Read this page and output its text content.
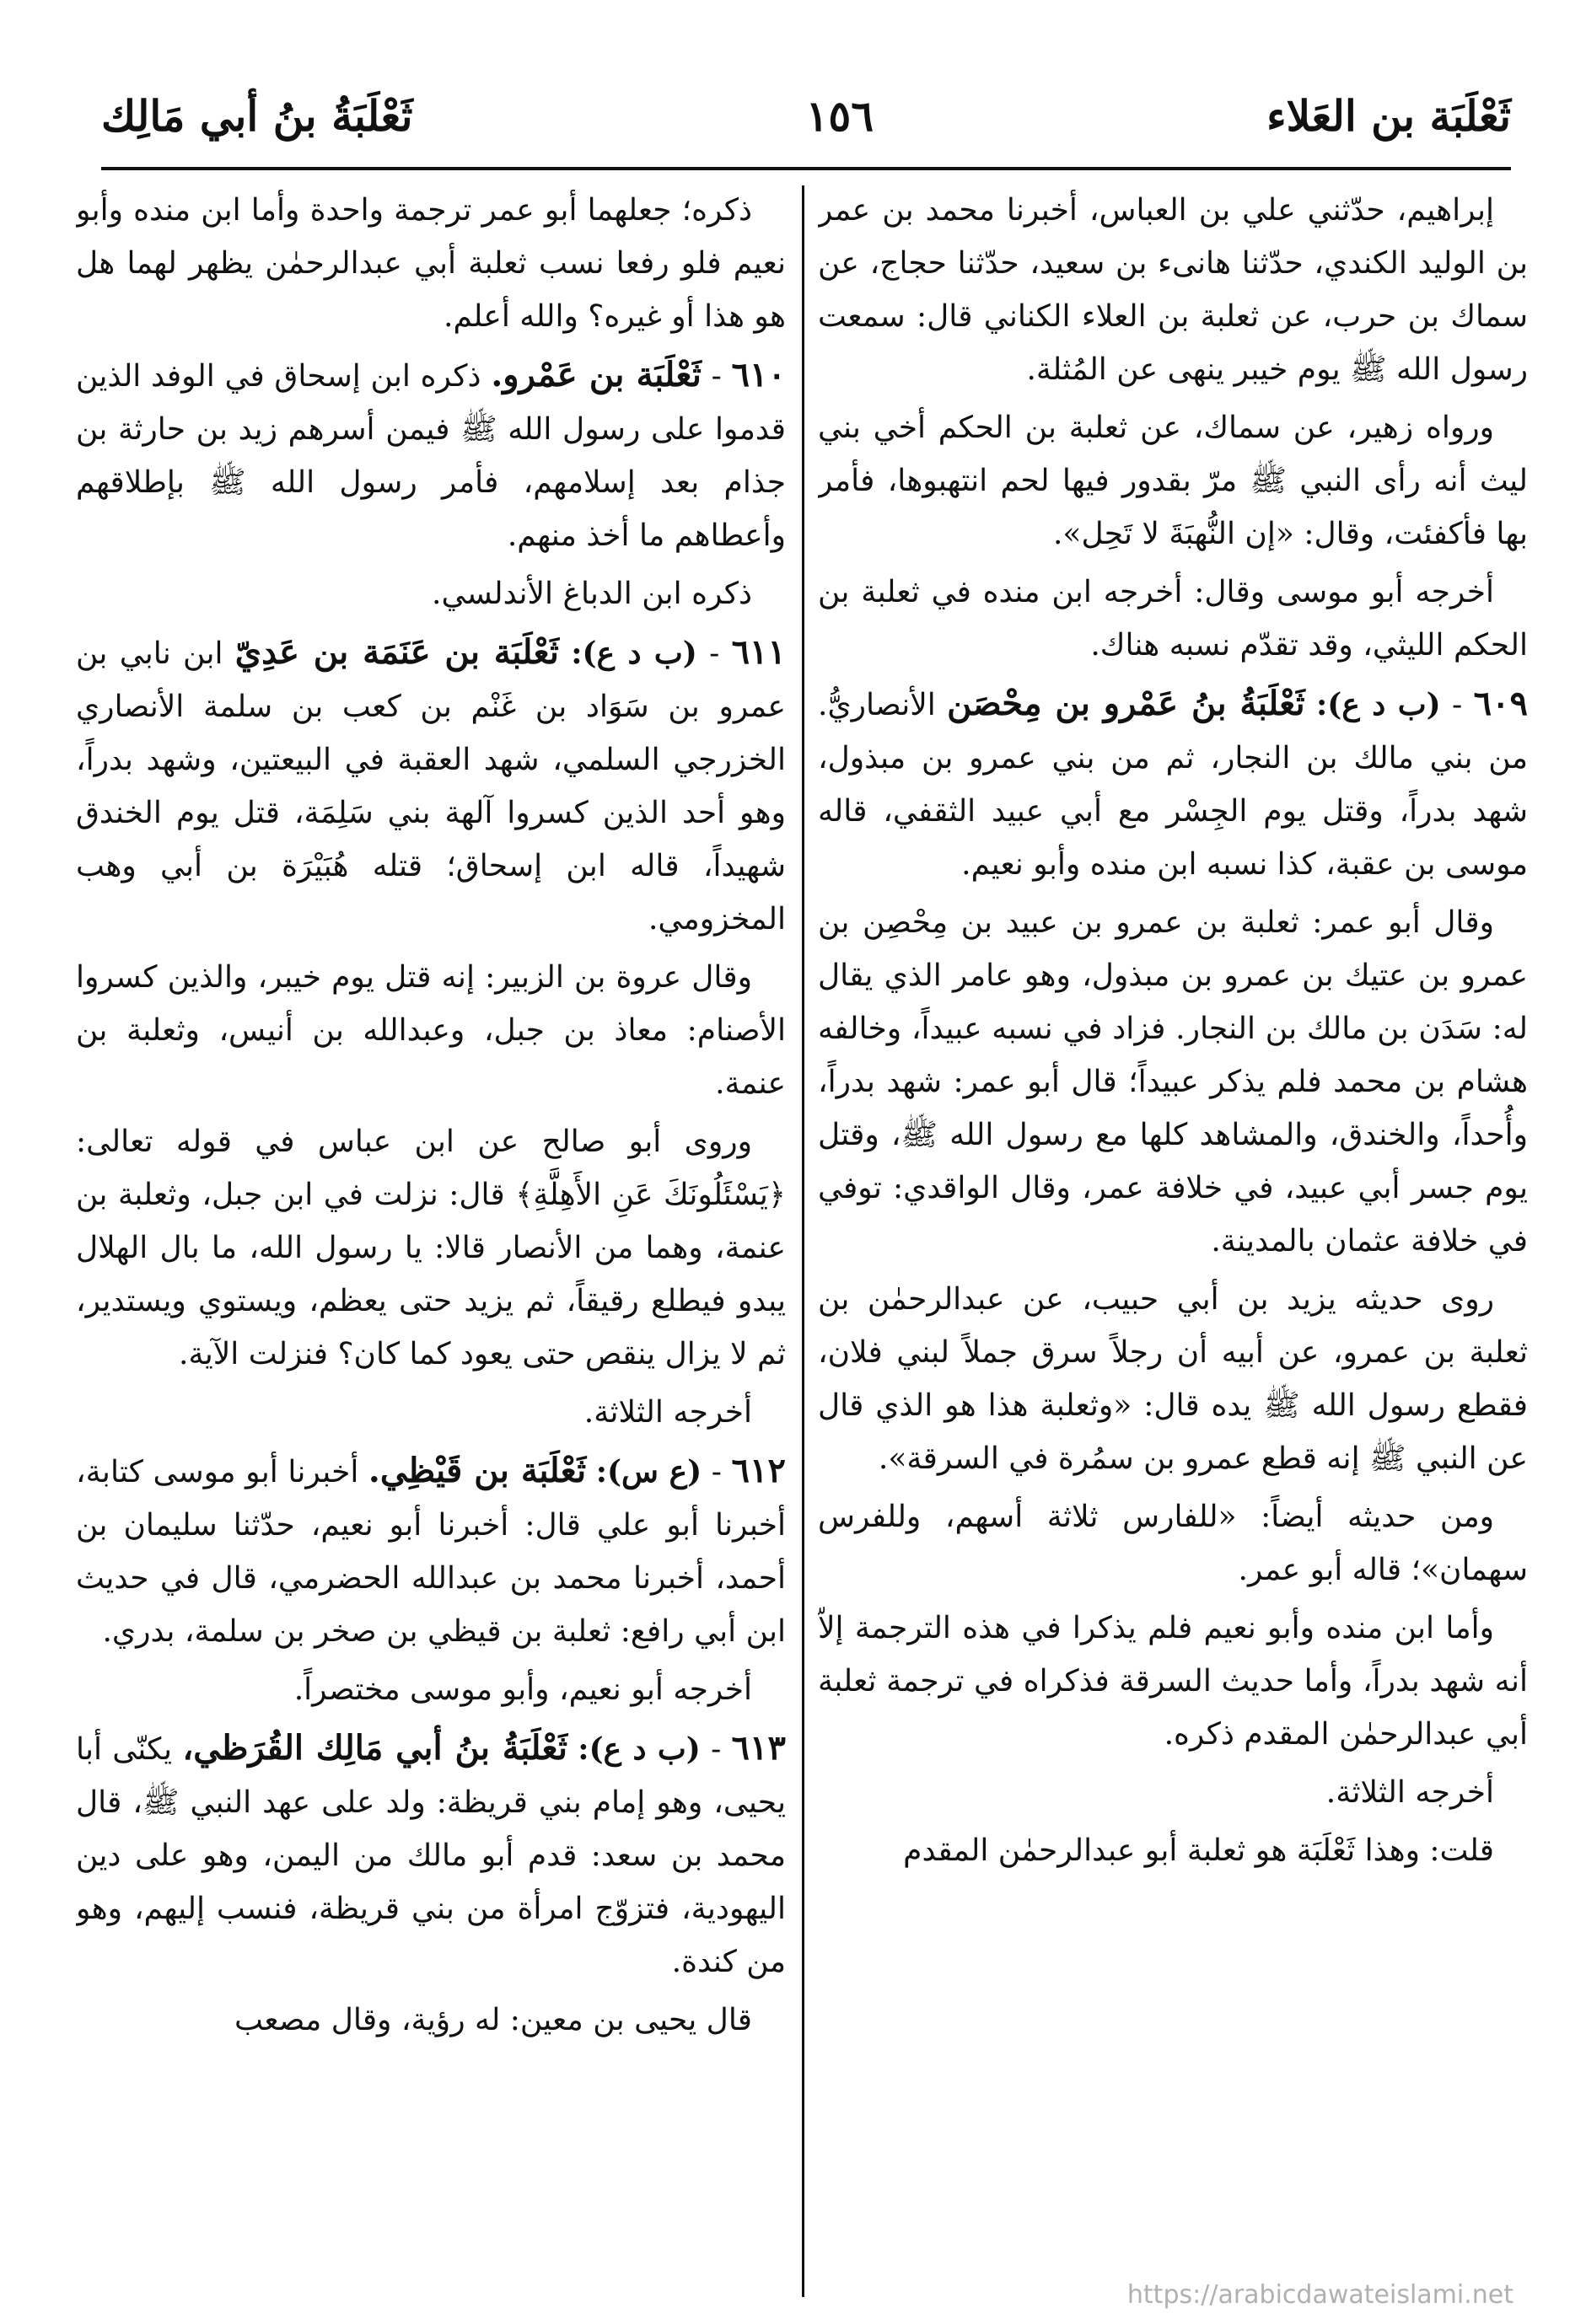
ثَعْلَبَة بن العَلاء
١٥٦
ثَعْلَبَةُ بنُ أبي مَالِك

إبراهيم، حدّثني علي بن العباس، أخبرنا محمد بن عمر بن الوليد الكندي، حدّثنا هانىء بن سعيد، حدّثنا حجاج، عن سماك بن حرب، عن ثعلبة بن العلاء الكناني قال: سمعت رسول الله ﷺ يوم خيبر ينهى عن المُثلة.

ورواه زهير، عن سماك، عن ثعلبة بن الحكم أخي بني ليث أنه رأى النبي ﷺ مرّ بقدور فيها لحم انتهبوها، فأمر بها فأكفئت، وقال: «إن النُّهبَةَ لا تَحِل».

أخرجه أبو موسى وقال: أخرجه ابن منده في ثعلبة بن الحكم الليثي، وقد تقدّم نسبه هناك.

٦٠٩ - (ب د ع): ثَعْلَبَةُ بنُ عَمْرو بن مِحْصَن الأنصاريُّ. من بني مالك بن النجار، ثم من بني عمرو بن مبذول، شهد بدراً، وقتل يوم الجِسْر مع أبي عبيد الثقفي، قاله موسى بن عقبة، كذا نسبه ابن منده وأبو نعيم.

وقال أبو عمر: ثعلبة بن عمرو بن عبيد بن مِحْصِن بن عمرو بن عتيك بن عمرو بن مبذول، وهو عامر الذي يقال له: سَدَن بن مالك بن النجار. فزاد في نسبه عبيداً، وخالفه هشام بن محمد فلم يذكر عبيداً؛ قال أبو عمر: شهد بدراً، وأُحداً، والخندق، والمشاهد كلها مع رسول الله ﷺ، وقتل يوم جسر أبي عبيد، في خلافة عمر، وقال الواقدي: توفي في خلافة عثمان بالمدينة.

روى حديثه يزيد بن أبي حبيب، عن عبدالرحمٰن بن ثعلبة بن عمرو، عن أبيه أن رجلاً سرق جملاً لبني فلان، فقطع رسول الله ﷺ يده قال: «وثعلبة هذا هو الذي قال عن النبي ﷺ إنه قطع عمرو بن سمُرة في السرقة».

ومن حديثه أيضاً: «للفارس ثلاثة أسهم، وللفرس سهمان»؛ قاله أبو عمر.

وأما ابن منده وأبو نعيم فلم يذكرا في هذه الترجمة إلاّ أنه شهد بدراً، وأما حديث السرقة فذكراه في ترجمة ثعلبة أبي عبدالرحمٰن المقدم ذكره.

أخرجه الثلاثة.

قلت: وهذا ثَعْلَبَة هو ثعلبة أبو عبدالرحمٰن المقدم

ذكره؛ جعلهما أبو عمر ترجمة واحدة وأما ابن منده وأبو نعيم فلو رفعا نسب ثعلبة أبي عبدالرحمٰن يظهر لهما هل هو هذا أو غيره؟ والله أعلم.

٦١٠ - ثَعْلَبَة بن عَمْرو. ذكره ابن إسحاق في الوفد الذين قدموا على رسول الله ﷺ فيمن أسرهم زيد بن حارثة بن جذام بعد إسلامهم، فأمر رسول الله ﷺ بإطلاقهم وأعطاهم ما أخذ منهم.

ذكره ابن الدباغ الأندلسي.

٦١١ - (ب د ع): ثَعْلَبَة بن عَنَمَة بن عَدِيّ ابن نابي بن عمرو بن سَوَاد بن غَنْم بن كعب بن سلمة الأنصاري الخزرجي السلمي، شهد العقبة في البيعتين، وشهد بدراً، وهو أحد الذين كسروا آلهة بني سَلِمَة، قتل يوم الخندق شهيداً، قاله ابن إسحاق؛ قتله هُبَيْرَة بن أبي وهب المخزومي.

وقال عروة بن الزبير: إنه قتل يوم خيبر، والذين كسروا الأصنام: معاذ بن جبل، وعبدالله بن أنيس، وثعلبة بن عنمة.

وروى أبو صالح عن ابن عباس في قوله تعالى: ﴿يَسْئَلُونَكَ عَنِ الأَهِلَّةِ﴾ قال: نزلت في ابن جبل، وثعلبة بن عنمة، وهما من الأنصار قالا: يا رسول الله، ما بال الهلال يبدو فيطلع رقيقاً، ثم يزيد حتى يعظم، ويستوي ويستدير، ثم لا يزال ينقص حتى يعود كما كان؟ فنزلت الآية.

أخرجه الثلاثة.

٦١٢ - (ع س): ثَعْلَبَة بن قَيْظِي. أخبرنا أبو موسى كتابة، أخبرنا أبو علي قال: أخبرنا أبو نعيم، حدّثنا سليمان بن أحمد، أخبرنا محمد بن عبدالله الحضرمي، قال في حديث ابن أبي رافع: ثعلبة بن قيظي بن صخر بن سلمة، بدري.

أخرجه أبو نعيم، وأبو موسى مختصراً.

٦١٣ - (ب د ع): ثَعْلَبَةُ بنُ أبي مَالِك القُرَظي، يكنّى أبا يحيى، وهو إمام بني قريظة: ولد على عهد النبي ﷺ، قال محمد بن سعد: قدم أبو مالك من اليمن، وهو على دين اليهودية، فتزوّج امرأة من بني قريظة، فنسب إليهم، وهو من كندة.

قال يحيى بن معين: له رؤية، وقال مصعب

https://arabicdawateislami.net
